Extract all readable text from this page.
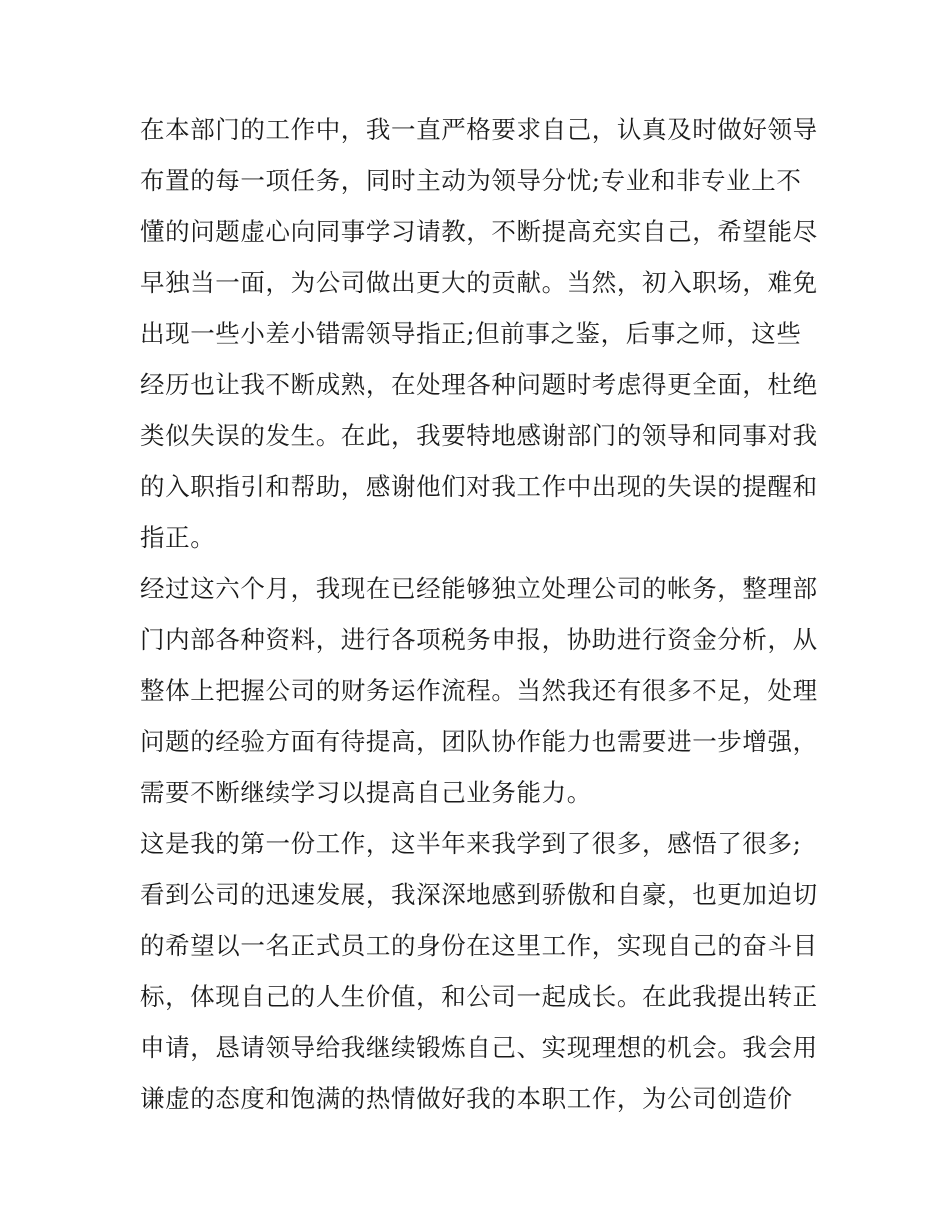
在本部门的工作中，我一直严格要求自己，认真及时做好领导
布置的每一项任务，同时主动为领导分忧;专业和非专业上不
懂的问题虚心向同事学习请教，不断提高充实自己，希望能尽
早独当一面，为公司做出更大的贡献。当然，初入职场，难免
出现一些小差小错需领导指正;但前事之鉴，后事之师，这些
经历也让我不断成熟，在处理各种问题时考虑得更全面，杜绝
类似失误的发生。在此，我要特地感谢部门的领导和同事对我
的入职指引和帮助，感谢他们对我工作中出现的失误的提醒和
指正。
经过这六个月，我现在已经能够独立处理公司的帐务，整理部
门内部各种资料，进行各项税务申报，协助进行资金分析，从
整体上把握公司的财务运作流程。当然我还有很多不足，处理
问题的经验方面有待提高，团队协作能力也需要进一步增强，
需要不断继续学习以提高自己业务能力。
这是我的第一份工作，这半年来我学到了很多，感悟了很多;
看到公司的迅速发展，我深深地感到骄傲和自豪，也更加迫切
的希望以一名正式员工的身份在这里工作，实现自己的奋斗目
标，体现自己的人生价值，和公司一起成长。在此我提出转正
申请，恳请领导给我继续锻炼自己、实现理想的机会。我会用
谦虚的态度和饱满的热情做好我的本职工作，为公司创造价
